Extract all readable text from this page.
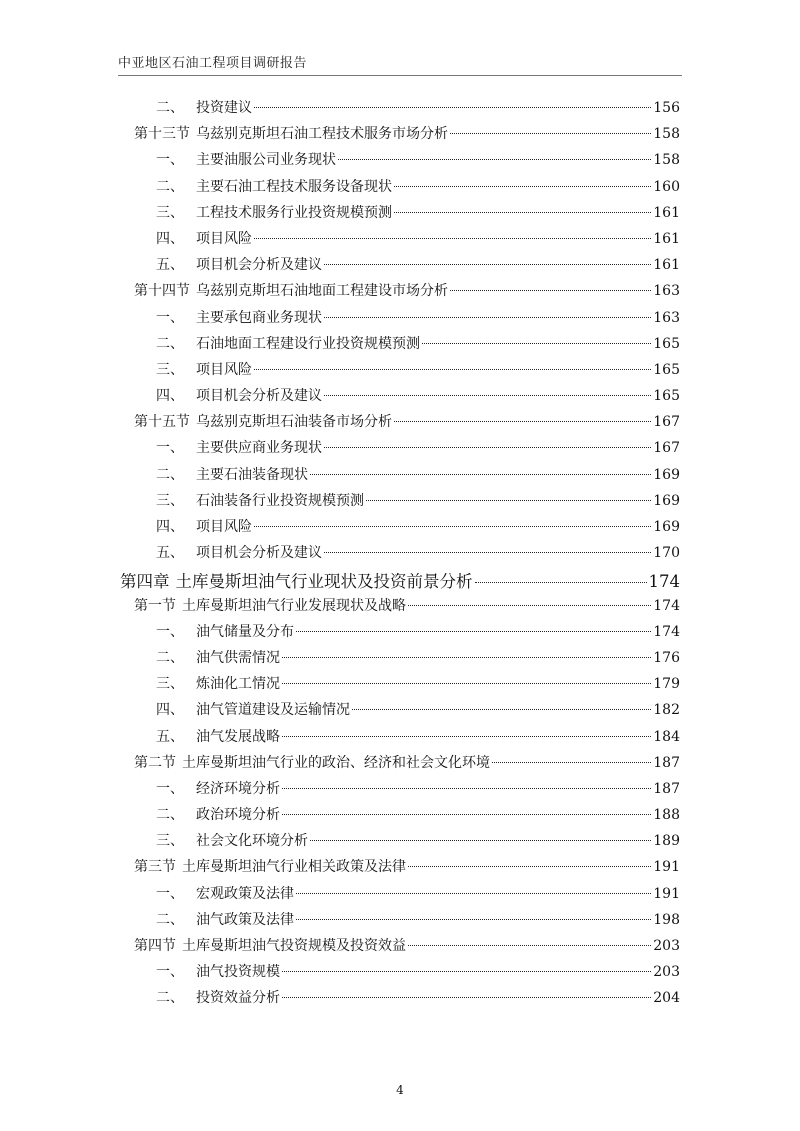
中亚地区石油工程项目调研报告
二、 投资建议	156
第十三节 乌兹别克斯坦石油工程技术服务市场分析	158
一、 主要油服公司业务现状	158
二、 主要石油工程技术服务设备现状	160
三、 工程技术服务行业投资规模预测	161
四、 项目风险	161
五、 项目机会分析及建议	161
第十四节 乌兹别克斯坦石油地面工程建设市场分析	163
一、 主要承包商业务现状	163
二、 石油地面工程建设行业投资规模预测	165
三、 项目风险	165
四、 项目机会分析及建议	165
第十五节 乌兹别克斯坦石油装备市场分析	167
一、 主要供应商业务现状	167
二、 主要石油装备现状	169
三、 石油装备行业投资规模预测	169
四、 项目风险	169
五、 项目机会分析及建议	170
第四章 土库曼斯坦油气行业现状及投资前景分析	174
第一节 土库曼斯坦油气行业发展现状及战略	174
一、 油气储量及分布	174
二、 油气供需情况	176
三、 炼油化工情况	179
四、 油气管道建设及运输情况	182
五、 油气发展战略	184
第二节 土库曼斯坦油气行业的政治、经济和社会文化环境	187
一、 经济环境分析	187
二、 政治环境分析	188
三、 社会文化环境分析	189
第三节 土库曼斯坦油气行业相关政策及法律	191
一、 宏观政策及法律	191
二、 油气政策及法律	198
第四节 土库曼斯坦油气投资规模及投资效益	203
一、 油气投资规模	203
二、 投资效益分析	204
4
